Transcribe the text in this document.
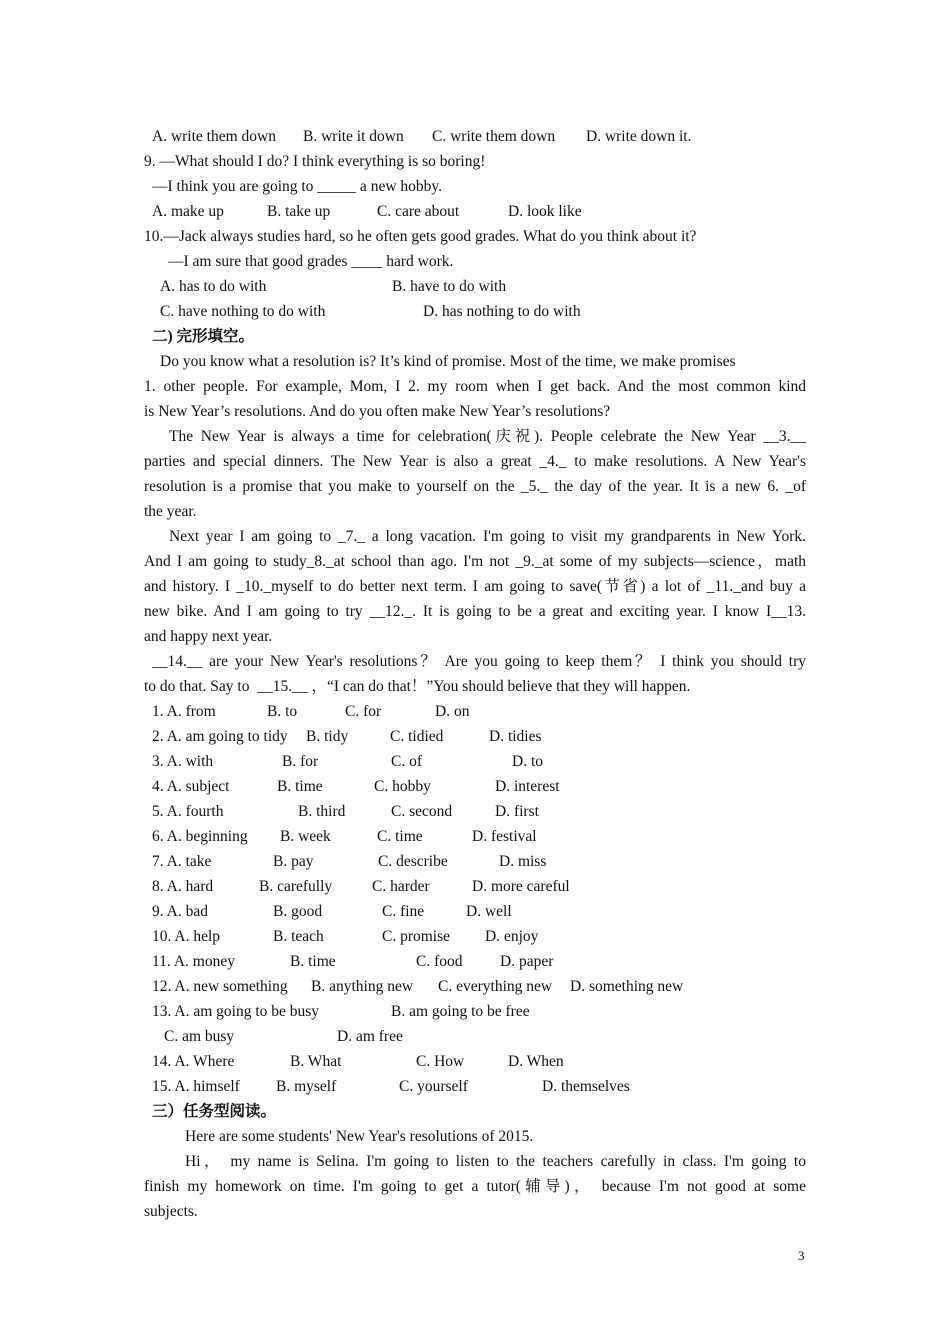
A. write them down B. write it down C. write them down D. write down it.
9. —What should I do? I think everything is so boring!
—I think you are going to _____ a new hobby.
A. make up	B. take up	C. care about	D. look like
10.—Jack always studies hard, so he often gets good grades. What do you think about it?
—I am sure that good grades ____ hard work.
A. has to do with	B. have to do with
C. have nothing to do with	D. has nothing to do with
二) 完形填空。
Do you know what a resolution is? It’s kind of promise. Most of the time, we make promises
1. other people. For example, Mom, I 2. my room when I get back. And the most common kind
is New Year’s resolutions. And do you often make New Year’s resolutions?
The New Year is always a time for celebration(庆祝). People celebrate the New Year __3.__
parties and special dinners. The New Year is also a great _4._ to make resolutions. A New Year's
resolution is a promise that you make to yourself on the _5._ the day of the year. It is a new 6. _of
the year.
Next year I am going to _7._ a long vacation. I'm going to visit my grandparents in New York.
And I am going to study_8._at school than ago. I'm not _9._at some of my subjects—science，math
and history. I _10._myself to do better next term. I am going to save(节省) a lot of _11._and buy a
new bike. And I am going to try __12._. It is going to be a great and exciting year. I know I__13.
and happy next year.
__14.__ are your New Year's resolutions？ Are you going to keep them？ I think you should try
to do that. Say to  __15.__ ，“I can do that！”You should believe that they will happen.
1. A. from	B. to	C. for	D. on
2. A. am going to tidy B. tidy	C. tidied	D. tidies
3. A. with	B. for	C. of	D. to
4. A. subject	B. time	C. hobby	D. interest
5. A. fourth	B. third	C. second	D. first
6. A. beginning B. week	C. time	D. festival
7. A. take	B. pay	C. describe	D. miss
8. A. hard	B. carefully	C. harder	D. more careful
9. A. bad	B. good	C. fine	D. well
10. A. help	B. teach	C. promise D. enjoy
11. A. money	B. time	C. food D. paper
12. A. new something B. anything new C. everything new D. something new
13. A. am going to be busy	B. am going to be free
C. am busy	D. am free
14. A. Where	B. What	C. How	D. When
15. A. himself B. myself	C. yourself	D. themselves
三）任务型阅读。
Here are some students' New Year's resolutions of 2015.
Hi， my name is Selina. I'm going to listen to the teachers carefully in class. I'm going to
finish my homework on time. I'm going to get a tutor(辅导)， because I'm not good at some
subjects.
3
